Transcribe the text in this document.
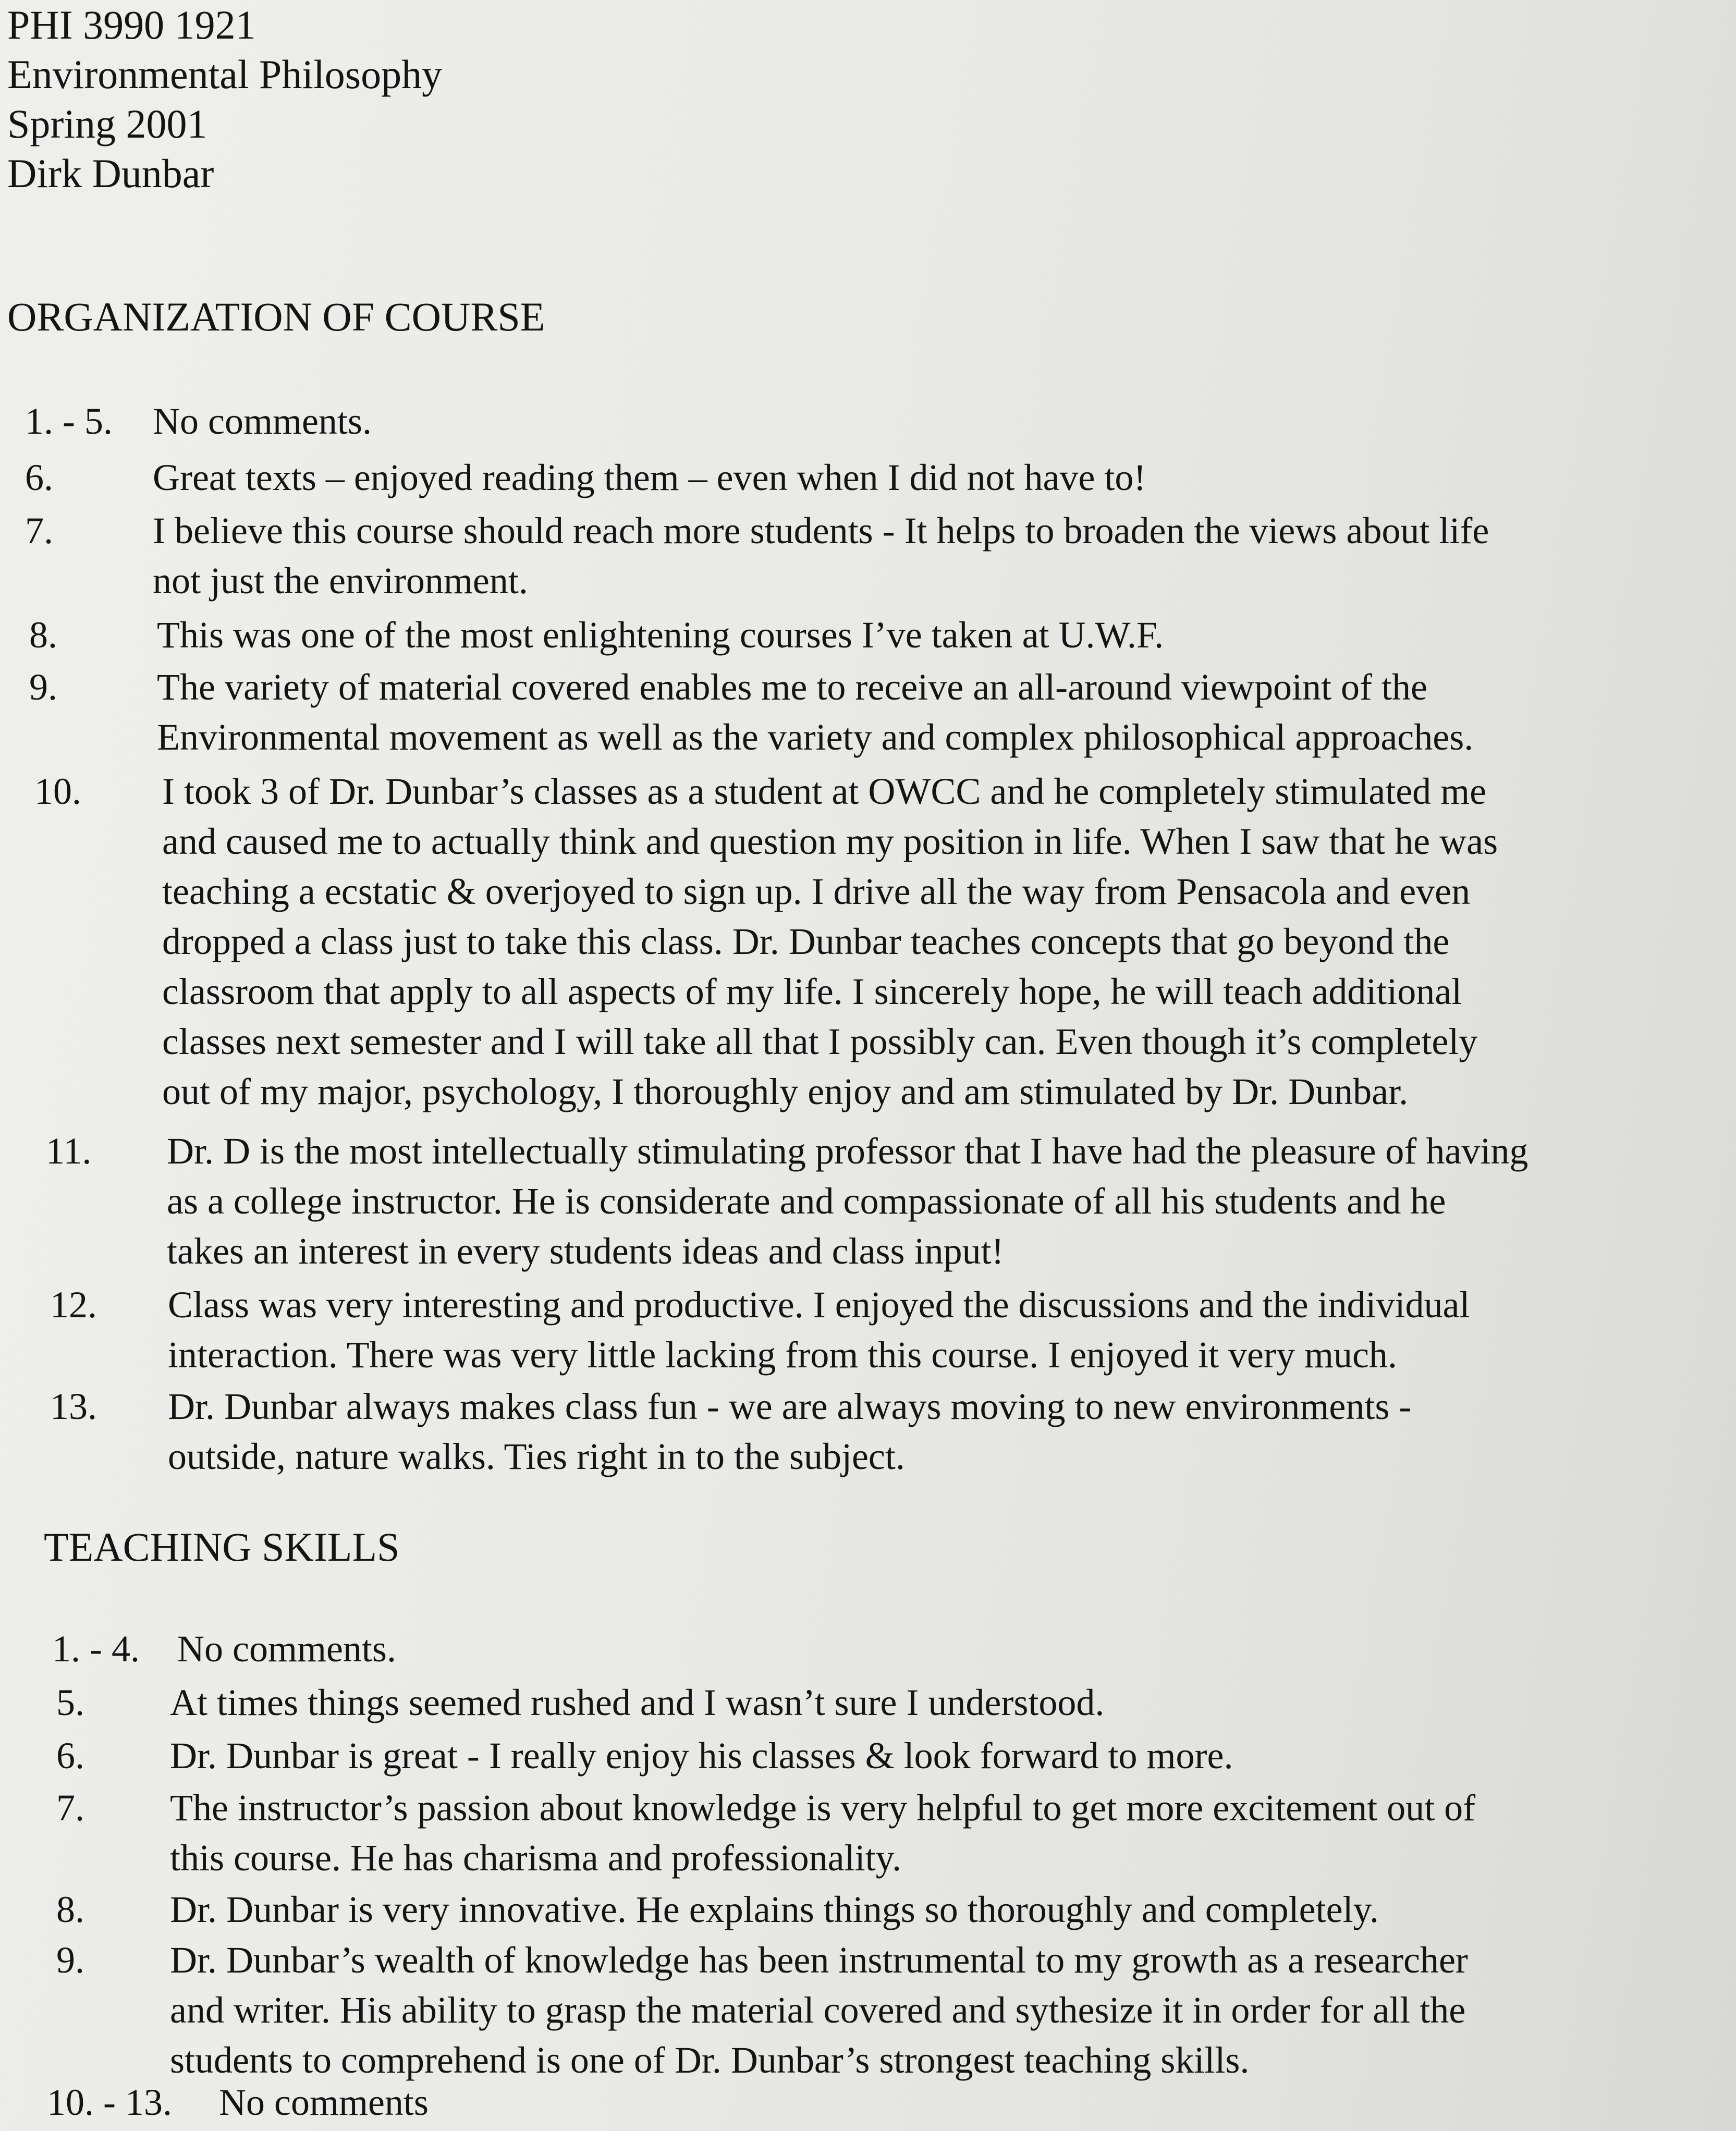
PHI 3990 1921
Environmental Philosophy
Spring 2001
Dirk Dunbar
ORGANIZATION OF COURSE
1. - 5. No comments.
6.	Great texts – enjoyed reading them – even when I did not have to!
7.	I believe this course should reach more students - It helps to broaden the views about life
not just the environment.
8.	This was one of the most enlightening courses I’ve taken at U.W.F.
9.	The variety of material covered enables me to receive an all-around viewpoint of the
Environmental movement as well as the variety and complex philosophical approaches.
10. I took 3 of Dr. Dunbar’s classes as a student at OWCC and he completely stimulated me
and caused me to actually think and question my position in life. When I saw that he was
teaching a ecstatic & overjoyed to sign up. I drive all the way from Pensacola and even
dropped a class just to take this class. Dr. Dunbar teaches concepts that go beyond the
classroom that apply to all aspects of my life. I sincerely hope, he will teach additional
classes next semester and I will take all that I possibly can. Even though it’s completely
out of my major, psychology, I thoroughly enjoy and am stimulated by Dr. Dunbar.
11. Dr. D is the most intellectually stimulating professor that I have had the pleasure of having
as a college instructor. He is considerate and compassionate of all his students and he
takes an interest in every students ideas and class input!
12. Class was very interesting and productive. I enjoyed the discussions and the individual
interaction. There was very little lacking from this course. I enjoyed it very much.
13. Dr. Dunbar always makes class fun - we are always moving to new environments -
outside, nature walks. Ties right in to the subject.
TEACHING SKILLS
1. - 4. No comments.
5. At times things seemed rushed and I wasn’t sure I understood.
6. Dr. Dunbar is great - I really enjoy his classes & look forward to more.
7. The instructor’s passion about knowledge is very helpful to get more excitement out of
this course. He has charisma and professionality.
8. Dr. Dunbar is very innovative. He explains things so thoroughly and completely.
9. Dr. Dunbar’s wealth of knowledge has been instrumental to my growth as a researcher
and writer. His ability to grasp the material covered and sythesize it in order for all the
students to comprehend is one of Dr. Dunbar’s strongest teaching skills.
10. - 13. No comments
